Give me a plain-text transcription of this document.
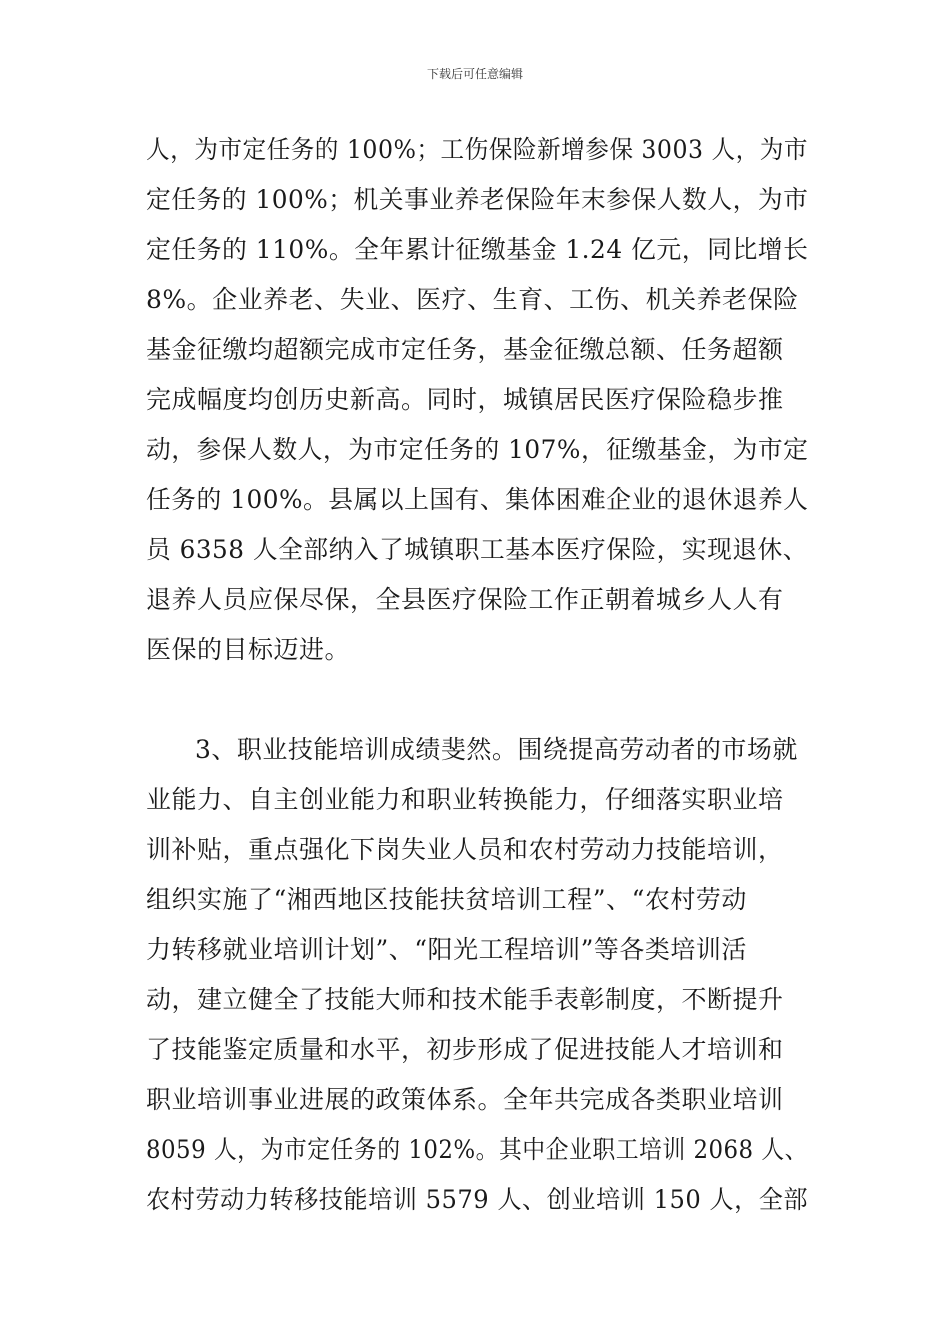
下载后可任意编辑
人，为市定任务的 100%；工伤保险新增参保 3003 人，为市
定任务的 100%；机关事业养老保险年末参保人数人，为市
定任务的 110%。全年累计征缴基金 1.24 亿元，同比增长
8%。企业养老、失业、医疗、生育、工伤、机关养老保险
基金征缴均超额完成市定任务，基金征缴总额、任务超额
完成幅度均创历史新高。同时，城镇居民医疗保险稳步推
动，参保人数人，为市定任务的 107%，征缴基金，为市定
任务的 100%。县属以上国有、集体困难企业的退休退养人
员 6358 人全部纳入了城镇职工基本医疗保险，实现退休、
退养人员应保尽保，全县医疗保险工作正朝着城乡人人有
医保的目标迈进。
3、职业技能培训成绩斐然。围绕提高劳动者的市场就
业能力、自主创业能力和职业转换能力，仔细落实职业培
训补贴，重点强化下岗失业人员和农村劳动力技能培训，
组织实施了“湘西地区技能扶贫培训工程”、“农村劳动
力转移就业培训计划”、“阳光工程培训”等各类培训活
动，建立健全了技能大师和技术能手表彰制度，不断提升
了技能鉴定质量和水平，初步形成了促进技能人才培训和
职业培训事业进展的政策体系。全年共完成各类职业培训
8059 人，为市定任务的 102%。其中企业职工培训 2068 人、
农村劳动力转移技能培训 5579 人、创业培训 150 人，全部
